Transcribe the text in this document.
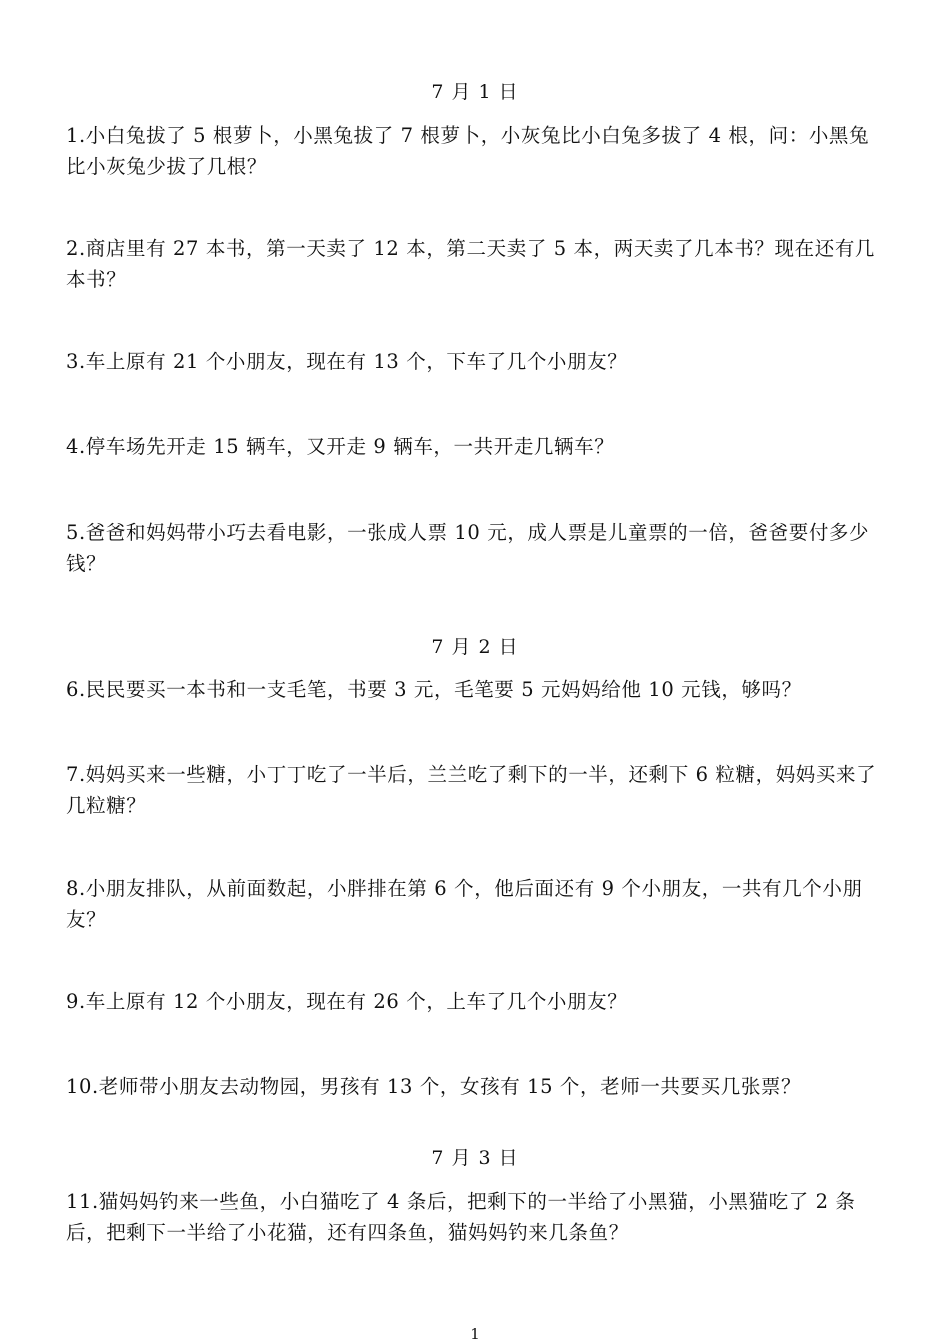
7 月 1 日
1.小白兔拔了 5 根萝卜，小黑兔拔了 7 根萝卜，小灰兔比小白兔多拔了 4 根，问：小黑兔比小灰兔少拔了几根？
2.商店里有 27 本书，第一天卖了 12 本，第二天卖了 5 本，两天卖了几本书？现在还有几本书？
3.车上原有 21 个小朋友，现在有 13 个，下车了几个小朋友？
4.停车场先开走 15 辆车，又开走 9 辆车，一共开走几辆车？
5.爸爸和妈妈带小巧去看电影，一张成人票 10 元，成人票是儿童票的一倍，爸爸要付多少钱？
7 月 2 日
6.民民要买一本书和一支毛笔，书要 3 元，毛笔要 5 元妈妈给他 10 元钱，够吗？
7.妈妈买来一些糖，小丁丁吃了一半后，兰兰吃了剩下的一半，还剩下 6 粒糖，妈妈买来了几粒糖？
8.小朋友排队，从前面数起，小胖排在第 6 个，他后面还有 9 个小朋友，一共有几个小朋友？
9.车上原有 12 个小朋友，现在有 26 个，上车了几个小朋友？
10.老师带小朋友去动物园，男孩有 13 个，女孩有 15 个，老师一共要买几张票？
7 月 3 日
11.猫妈妈钓来一些鱼，小白猫吃了 4 条后，把剩下的一半给了小黑猫，小黑猫吃了 2 条后，把剩下一半给了小花猫，还有四条鱼，猫妈妈钓来几条鱼？
1
